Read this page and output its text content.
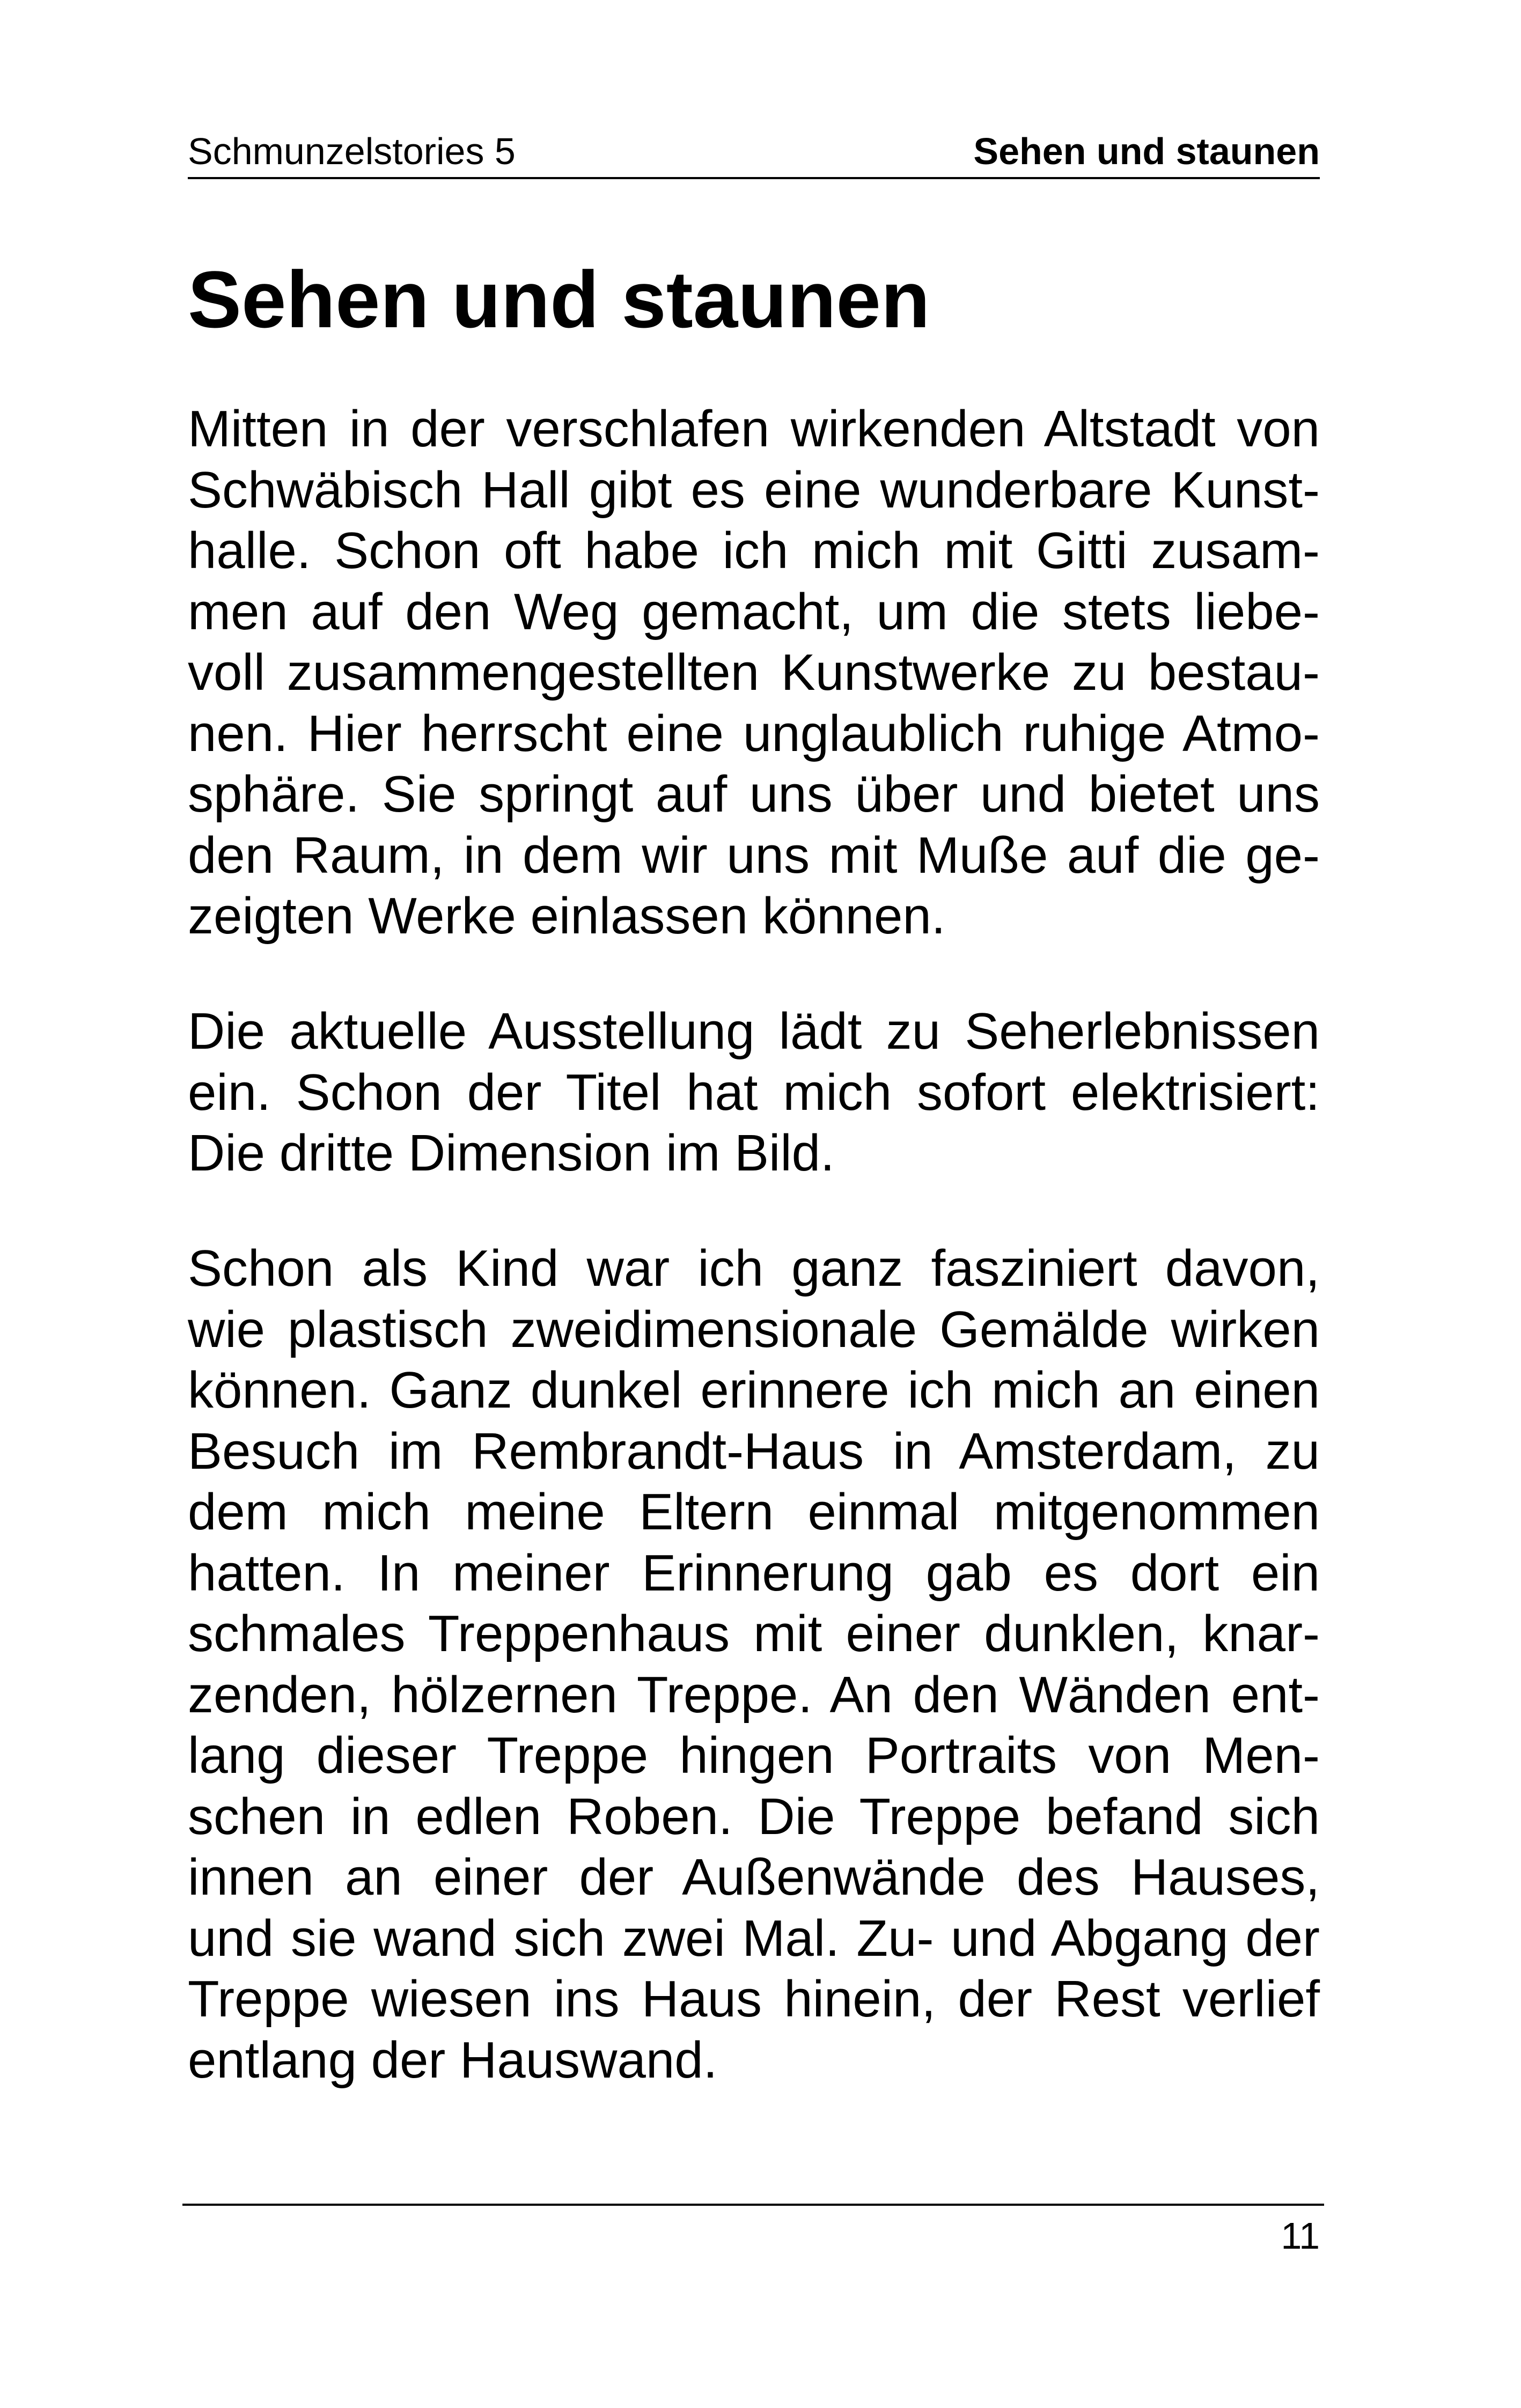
Schmunzelstories 5	Sehen und staunen
Sehen und staunen
Mitten in der verschlafen wirkenden Altstadt von
Schwäbisch Hall gibt es eine wunderbare Kunst-
halle. Schon oft habe ich mich mit Gitti zusam-
men auf den Weg gemacht, um die stets liebe-
voll zusammengestellten Kunstwerke zu bestau-
nen. Hier herrscht eine unglaublich ruhige Atmo-
sphäre. Sie springt auf uns über und bietet uns
den Raum, in dem wir uns mit Muße auf die ge-
zeigten Werke einlassen können.
Die aktuelle Ausstellung lädt zu Seherlebnissen
ein. Schon der Titel hat mich sofort elektrisiert:
Die dritte Dimension im Bild.
Schon als Kind war ich ganz fasziniert davon,
wie plastisch zweidimensionale Gemälde wirken
können. Ganz dunkel erinnere ich mich an einen
Besuch im Rembrandt-Haus in Amsterdam, zu
dem mich meine Eltern einmal mitgenommen
hatten. In meiner Erinnerung gab es dort ein
schmales Treppenhaus mit einer dunklen, knar-
zenden, hölzernen Treppe. An den Wänden ent-
lang dieser Treppe hingen Portraits von Men-
schen in edlen Roben. Die Treppe befand sich
innen an einer der Außenwände des Hauses,
und sie wand sich zwei Mal. Zu- und Abgang der
Treppe wiesen ins Haus hinein, der Rest verlief
entlang der Hauswand.
11
